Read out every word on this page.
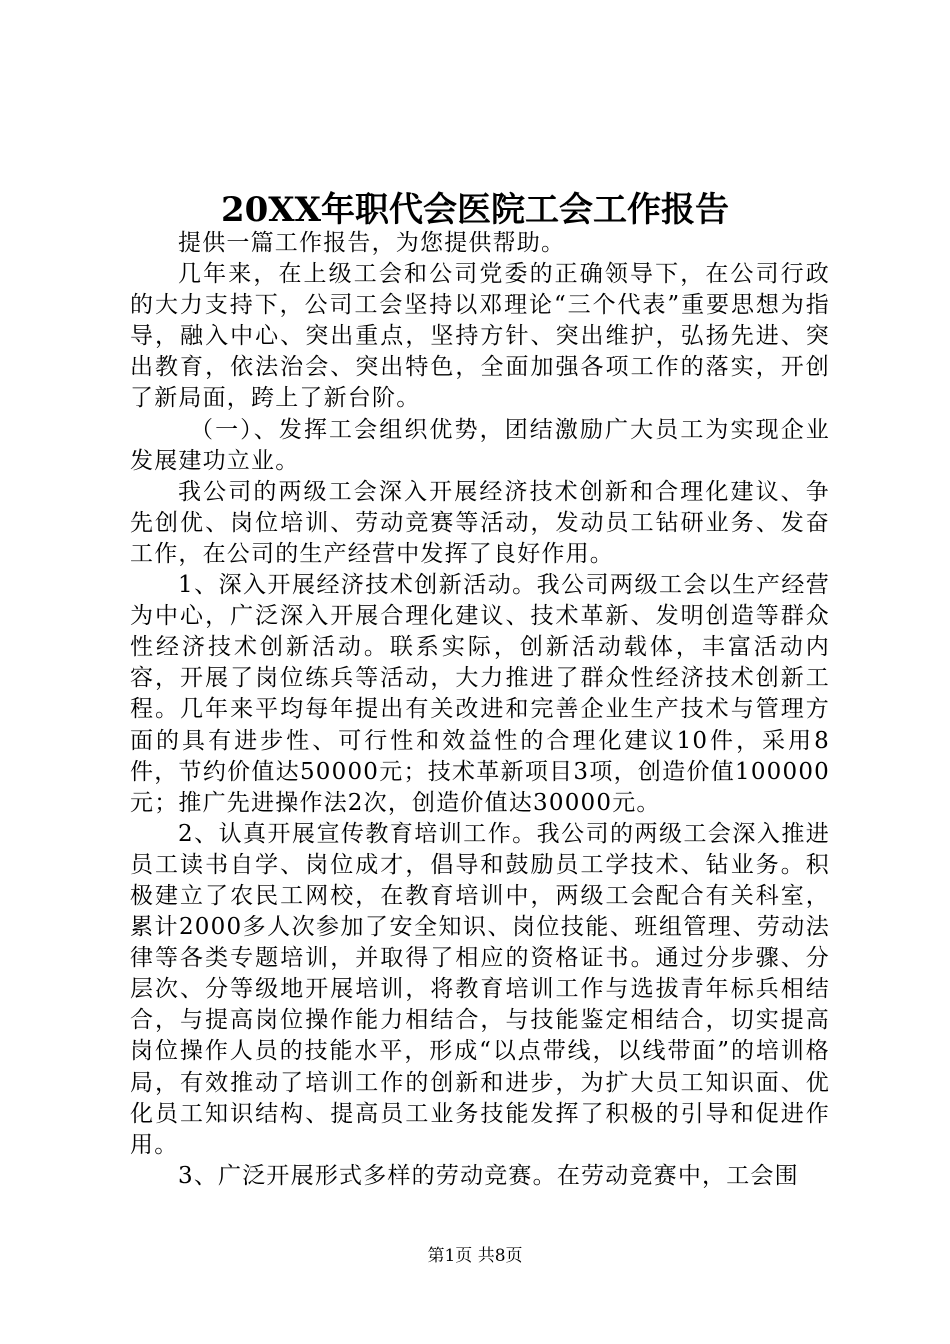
20XX年职代会医院工会工作报告

提供一篇工作报告，为您提供帮助。

几年来，在上级工会和公司党委的正确领导下，在公司行政的大力支持下，公司工会坚持以邓理论“三个代表”重要思想为指导，融入中心、突出重点，坚持方针、突出维护，弘扬先进、突出教育，依法治会、突出特色，全面加强各项工作的落实，开创了新局面，跨上了新台阶。

（一）、发挥工会组织优势，团结激励广大员工为实现企业发展建功立业。

我公司的两级工会深入开展经济技术创新和合理化建议、争先创优、岗位培训、劳动竞赛等活动，发动员工钻研业务、发奋工作，在公司的生产经营中发挥了良好作用。

1、深入开展经济技术创新活动。我公司两级工会以生产经营为中心，广泛深入开展合理化建议、技术革新、发明创造等群众性经济技术创新活动。联系实际，创新活动载体，丰富活动内容，开展了岗位练兵等活动，大力推进了群众性经济技术创新工程。几年来平均每年提出有关改进和完善企业生产技术与管理方面的具有进步性、可行性和效益性的合理化建议10件，采用8件，节约价值达50000元；技术革新项目3项，创造价值100000元；推广先进操作法2次，创造价值达30000元。

2、认真开展宣传教育培训工作。我公司的两级工会深入推进员工读书自学、岗位成才，倡导和鼓励员工学技术、钻业务。积极建立了农民工网校，在教育培训中，两级工会配合有关科室，累计2000多人次参加了安全知识、岗位技能、班组管理、劳动法律等各类专题培训，并取得了相应的资格证书。通过分步骤、分层次、分等级地开展培训，将教育培训工作与选拔青年标兵相结合，与提高岗位操作能力相结合，与技能鉴定相结合，切实提高岗位操作人员的技能水平，形成“以点带线，以线带面”的培训格局，有效推动了培训工作的创新和进步，为扩大员工知识面、优化员工知识结构、提高员工业务技能发挥了积极的引导和促进作用。

3、广泛开展形式多样的劳动竞赛。在劳动竞赛中，工会围

第1页 共8页
